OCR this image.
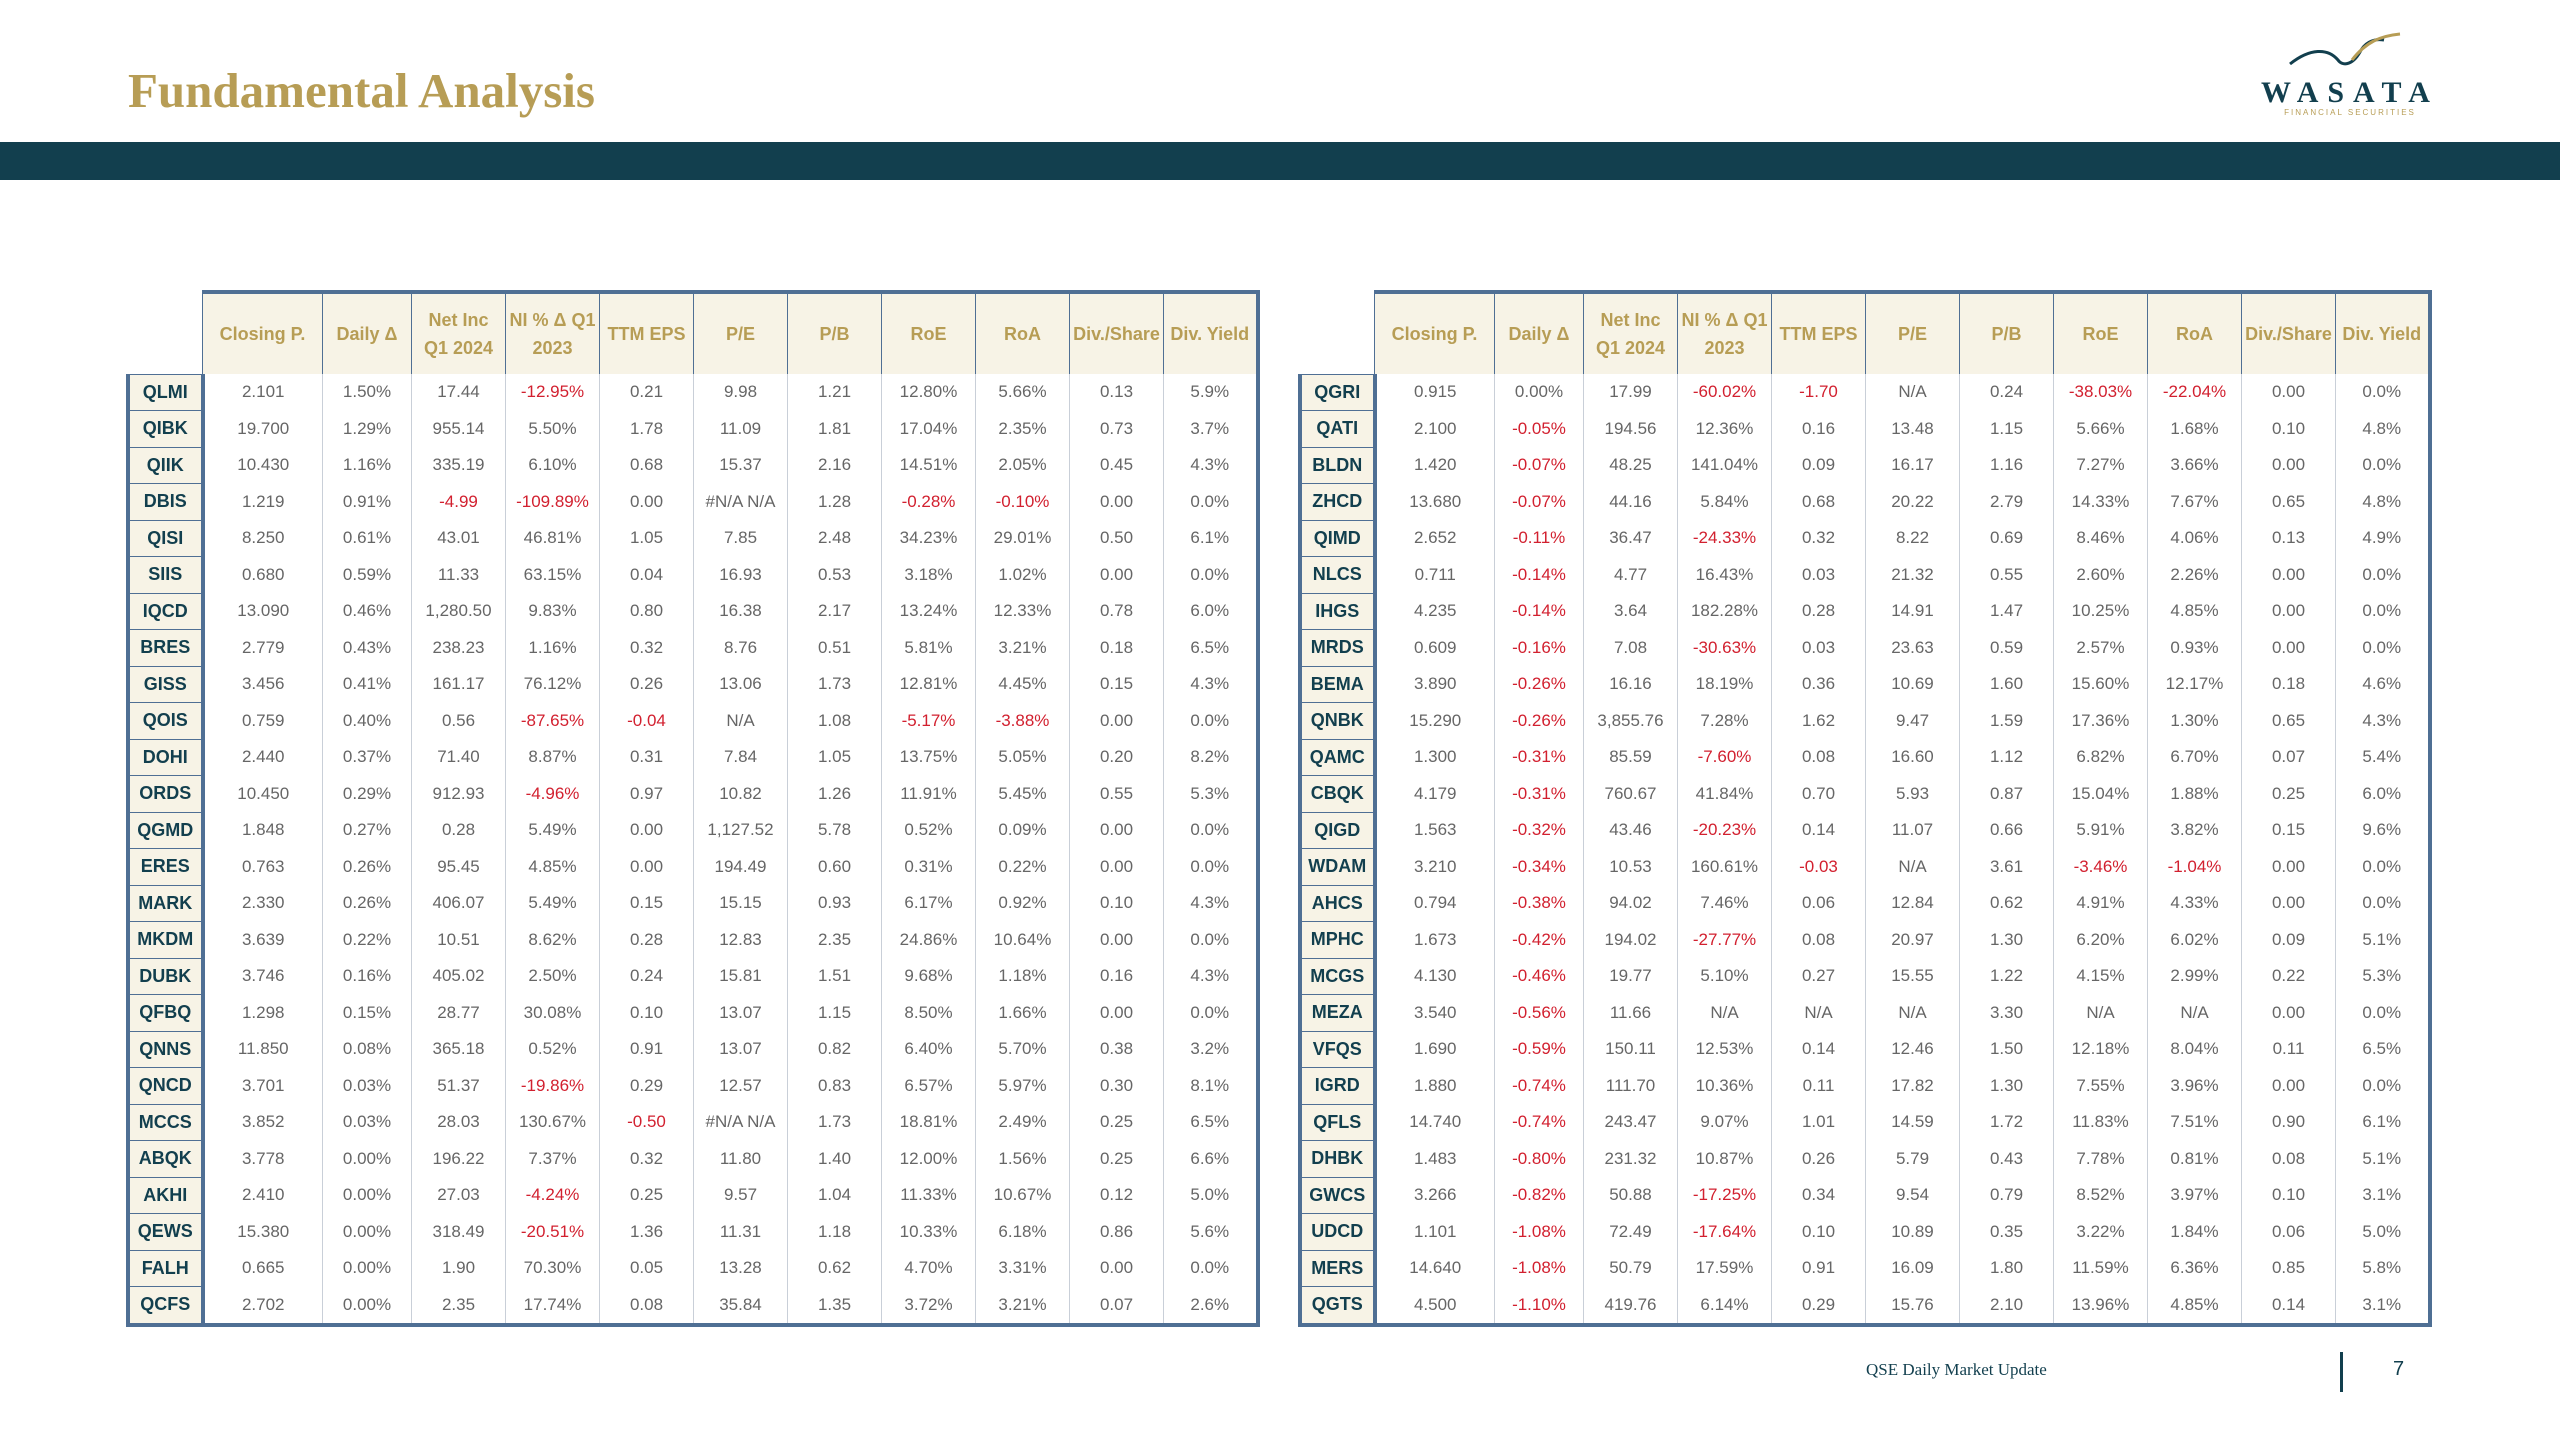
Fundamental Analysis	WASATA
FINANCIAL SECURITIES
	Closing P.	Daily Δ	Net Inc Q1 2024	NI % Δ Q1 2023	TTM EPS	P/E	P/B	RoE	RoA	Div./Share	Div. Yield
QLMI	2.101	1.50%	17.44	-12.95%	0.21	9.98	1.21	12.80%	5.66%	0.13	5.9%
QIBK	19.700	1.29%	955.14	5.50%	1.78	11.09	1.81	17.04%	2.35%	0.73	3.7%
QIIK	10.430	1.16%	335.19	6.10%	0.68	15.37	2.16	14.51%	2.05%	0.45	4.3%
DBIS	1.219	0.91%	-4.99	-109.89%	0.00	#N/A N/A	1.28	-0.28%	-0.10%	0.00	0.0%
QISI	8.250	0.61%	43.01	46.81%	1.05	7.85	2.48	34.23%	29.01%	0.50	6.1%
SIIS	0.680	0.59%	11.33	63.15%	0.04	16.93	0.53	3.18%	1.02%	0.00	0.0%
IQCD	13.090	0.46%	1,280.50	9.83%	0.80	16.38	2.17	13.24%	12.33%	0.78	6.0%
BRES	2.779	0.43%	238.23	1.16%	0.32	8.76	0.51	5.81%	3.21%	0.18	6.5%
GISS	3.456	0.41%	161.17	76.12%	0.26	13.06	1.73	12.81%	4.45%	0.15	4.3%
QOIS	0.759	0.40%	0.56	-87.65%	-0.04	N/A	1.08	-5.17%	-3.88%	0.00	0.0%
DOHI	2.440	0.37%	71.40	8.87%	0.31	7.84	1.05	13.75%	5.05%	0.20	8.2%
ORDS	10.450	0.29%	912.93	-4.96%	0.97	10.82	1.26	11.91%	5.45%	0.55	5.3%
QGMD	1.848	0.27%	0.28	5.49%	0.00	1,127.52	5.78	0.52%	0.09%	0.00	0.0%
ERES	0.763	0.26%	95.45	4.85%	0.00	194.49	0.60	0.31%	0.22%	0.00	0.0%
MARK	2.330	0.26%	406.07	5.49%	0.15	15.15	0.93	6.17%	0.92%	0.10	4.3%
MKDM	3.639	0.22%	10.51	8.62%	0.28	12.83	2.35	24.86%	10.64%	0.00	0.0%
DUBK	3.746	0.16%	405.02	2.50%	0.24	15.81	1.51	9.68%	1.18%	0.16	4.3%
QFBQ	1.298	0.15%	28.77	30.08%	0.10	13.07	1.15	8.50%	1.66%	0.00	0.0%
QNNS	11.850	0.08%	365.18	0.52%	0.91	13.07	0.82	6.40%	5.70%	0.38	3.2%
QNCD	3.701	0.03%	51.37	-19.86%	0.29	12.57	0.83	6.57%	5.97%	0.30	8.1%
MCCS	3.852	0.03%	28.03	130.67%	-0.50	#N/A N/A	1.73	18.81%	2.49%	0.25	6.5%
ABQK	3.778	0.00%	196.22	7.37%	0.32	11.80	1.40	12.00%	1.56%	0.25	6.6%
AKHI	2.410	0.00%	27.03	-4.24%	0.25	9.57	1.04	11.33%	10.67%	0.12	5.0%
QEWS	15.380	0.00%	318.49	-20.51%	1.36	11.31	1.18	10.33%	6.18%	0.86	5.6%
FALH	0.665	0.00%	1.90	70.30%	0.05	13.28	0.62	4.70%	3.31%	0.00	0.0%
QCFS	2.702	0.00%	2.35	17.74%	0.08	35.84	1.35	3.72%	3.21%	0.07	2.6%
	Closing P.	Daily Δ	Net Inc Q1 2024	NI % Δ Q1 2023	TTM EPS	P/E	P/B	RoE	RoA	Div./Share	Div. Yield
QGRI	0.915	0.00%	17.99	-60.02%	-1.70	N/A	0.24	-38.03%	-22.04%	0.00	0.0%
QATI	2.100	-0.05%	194.56	12.36%	0.16	13.48	1.15	5.66%	1.68%	0.10	4.8%
BLDN	1.420	-0.07%	48.25	141.04%	0.09	16.17	1.16	7.27%	3.66%	0.00	0.0%
ZHCD	13.680	-0.07%	44.16	5.84%	0.68	20.22	2.79	14.33%	7.67%	0.65	4.8%
QIMD	2.652	-0.11%	36.47	-24.33%	0.32	8.22	0.69	8.46%	4.06%	0.13	4.9%
NLCS	0.711	-0.14%	4.77	16.43%	0.03	21.32	0.55	2.60%	2.26%	0.00	0.0%
IHGS	4.235	-0.14%	3.64	182.28%	0.28	14.91	1.47	10.25%	4.85%	0.00	0.0%
MRDS	0.609	-0.16%	7.08	-30.63%	0.03	23.63	0.59	2.57%	0.93%	0.00	0.0%
BEMA	3.890	-0.26%	16.16	18.19%	0.36	10.69	1.60	15.60%	12.17%	0.18	4.6%
QNBK	15.290	-0.26%	3,855.76	7.28%	1.62	9.47	1.59	17.36%	1.30%	0.65	4.3%
QAMC	1.300	-0.31%	85.59	-7.60%	0.08	16.60	1.12	6.82%	6.70%	0.07	5.4%
CBQK	4.179	-0.31%	760.67	41.84%	0.70	5.93	0.87	15.04%	1.88%	0.25	6.0%
QIGD	1.563	-0.32%	43.46	-20.23%	0.14	11.07	0.66	5.91%	3.82%	0.15	9.6%
WDAM	3.210	-0.34%	10.53	160.61%	-0.03	N/A	3.61	-3.46%	-1.04%	0.00	0.0%
AHCS	0.794	-0.38%	94.02	7.46%	0.06	12.84	0.62	4.91%	4.33%	0.00	0.0%
MPHC	1.673	-0.42%	194.02	-27.77%	0.08	20.97	1.30	6.20%	6.02%	0.09	5.1%
MCGS	4.130	-0.46%	19.77	5.10%	0.27	15.55	1.22	4.15%	2.99%	0.22	5.3%
MEZA	3.540	-0.56%	11.66	N/A	N/A	N/A	3.30	N/A	N/A	0.00	0.0%
VFQS	1.690	-0.59%	150.11	12.53%	0.14	12.46	1.50	12.18%	8.04%	0.11	6.5%
IGRD	1.880	-0.74%	111.70	10.36%	0.11	17.82	1.30	7.55%	3.96%	0.00	0.0%
QFLS	14.740	-0.74%	243.47	9.07%	1.01	14.59	1.72	11.83%	7.51%	0.90	6.1%
DHBK	1.483	-0.80%	231.32	10.87%	0.26	5.79	0.43	7.78%	0.81%	0.08	5.1%
GWCS	3.266	-0.82%	50.88	-17.25%	0.34	9.54	0.79	8.52%	3.97%	0.10	3.1%
UDCD	1.101	-1.08%	72.49	-17.64%	0.10	10.89	0.35	3.22%	1.84%	0.06	5.0%
MERS	14.640	-1.08%	50.79	17.59%	0.91	16.09	1.80	11.59%	6.36%	0.85	5.8%
QGTS	4.500	-1.10%	419.76	6.14%	0.29	15.76	2.10	13.96%	4.85%	0.14	3.1%
QSE Daily Market Update	7
